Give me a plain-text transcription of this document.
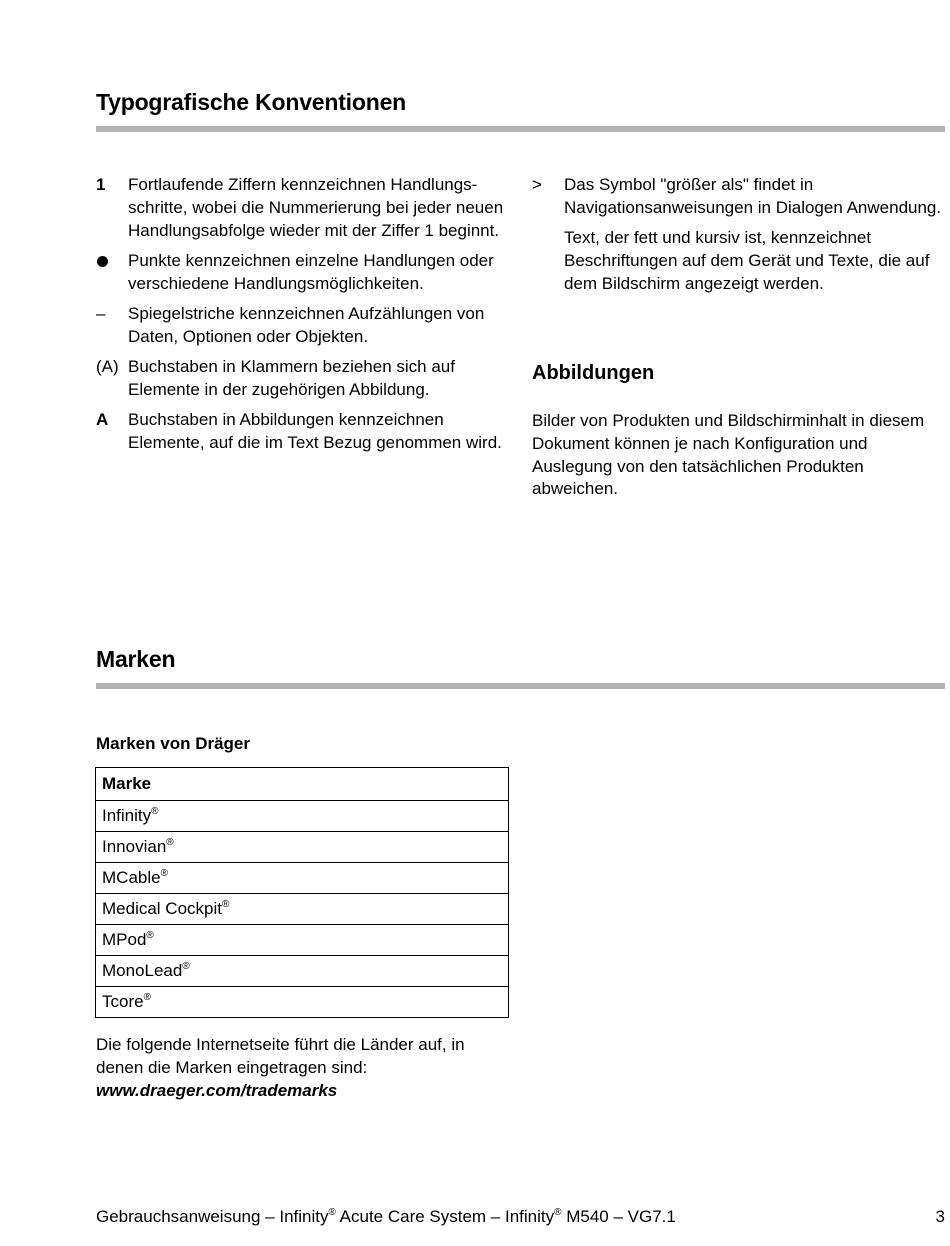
Typografische Konventionen
1	Fortlaufende Ziffern kennzeichnen Handlungs-schritte, wobei die Nummerierung bei jeder neuen Handlungsabfolge wieder mit der Ziffer 1 beginnt.
Punkte kennzeichnen einzelne Handlungen oder verschiedene Handlungsmöglichkeiten.
–	Spiegelstriche kennzeichnen Aufzählungen von Daten, Optionen oder Objekten.
(A) Buchstaben in Klammern beziehen sich auf Elemente in der zugehörigen Abbildung.
A	Buchstaben in Abbildungen kennzeichnen Elemente, auf die im Text Bezug genommen wird.
>	Das Symbol "größer als" findet in Navigationsanweisungen in Dialogen Anwendung.
Text, der fett und kursiv ist, kennzeichnet Beschriftungen auf dem Gerät und Texte, die auf dem Bildschirm angezeigt werden.
Abbildungen

Bilder von Produkten und Bildschirminhalt in diesem Dokument können je nach Konfiguration und Auslegung von den tatsächlichen Produkten abweichen.

Marken
Marken von Dräger
Marke
Infinity®
Innovian®
MCable®
Medical Cockpit®
MPod®
MonoLead®
Tcore®

Die folgende Internetseite führt die Länder auf, in denen die Marken eingetragen sind:

www.draeger.com/trademarks

Gebrauchsanweisung – Infinity® Acute Care System – Infinity® M540 – VG7.1	3
